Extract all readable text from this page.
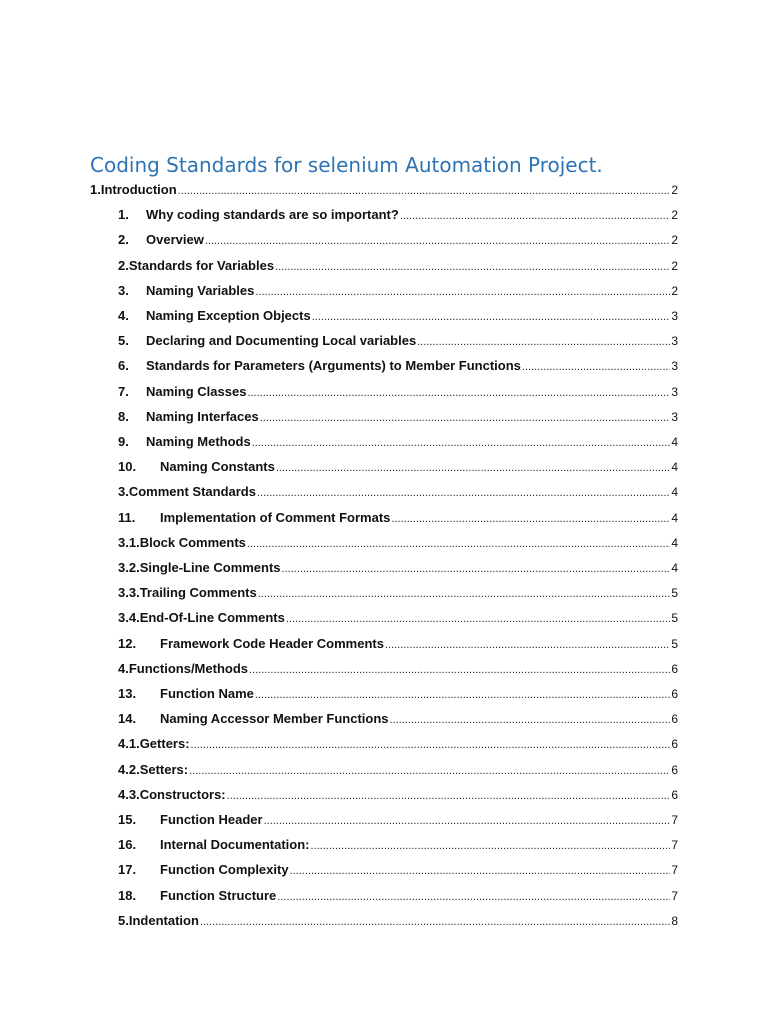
Coding Standards for selenium Automation Project.
1. Introduction .....	2
1.	Why coding standards are so important? .....	2
2.	Overview .....	2
2. Standards for Variables .....	2
3.	Naming Variables .....	2
4.	Naming Exception Objects .....	3
5.	Declaring and Documenting Local variables .....	3
6.	Standards for Parameters (Arguments) to Member Functions .....	3
7.	Naming Classes .....	3
8.	Naming Interfaces .....	3
9.	Naming Methods .....	4
10.	Naming Constants .....	4
3. Comment Standards .....	4
11.	Implementation of Comment Formats .....	4
3.1. Block Comments .....	4
3.2. Single-Line Comments .....	4
3.3. Trailing Comments .....	5
3.4. End-Of-Line Comments .....	5
12.	Framework Code Header Comments .....	5
4. Functions/Methods .....	6
13.	Function Name .....	6
14.	Naming Accessor Member Functions .....	6
4.1. Getters: .....	6
4.2. Setters: .....	6
4.3. Constructors: .....	6
15.	Function Header .....	7
16.	Internal Documentation: .....	7
17.	Function Complexity .....	7
18.	Function Structure .....	7
5. Indentation .....	8
